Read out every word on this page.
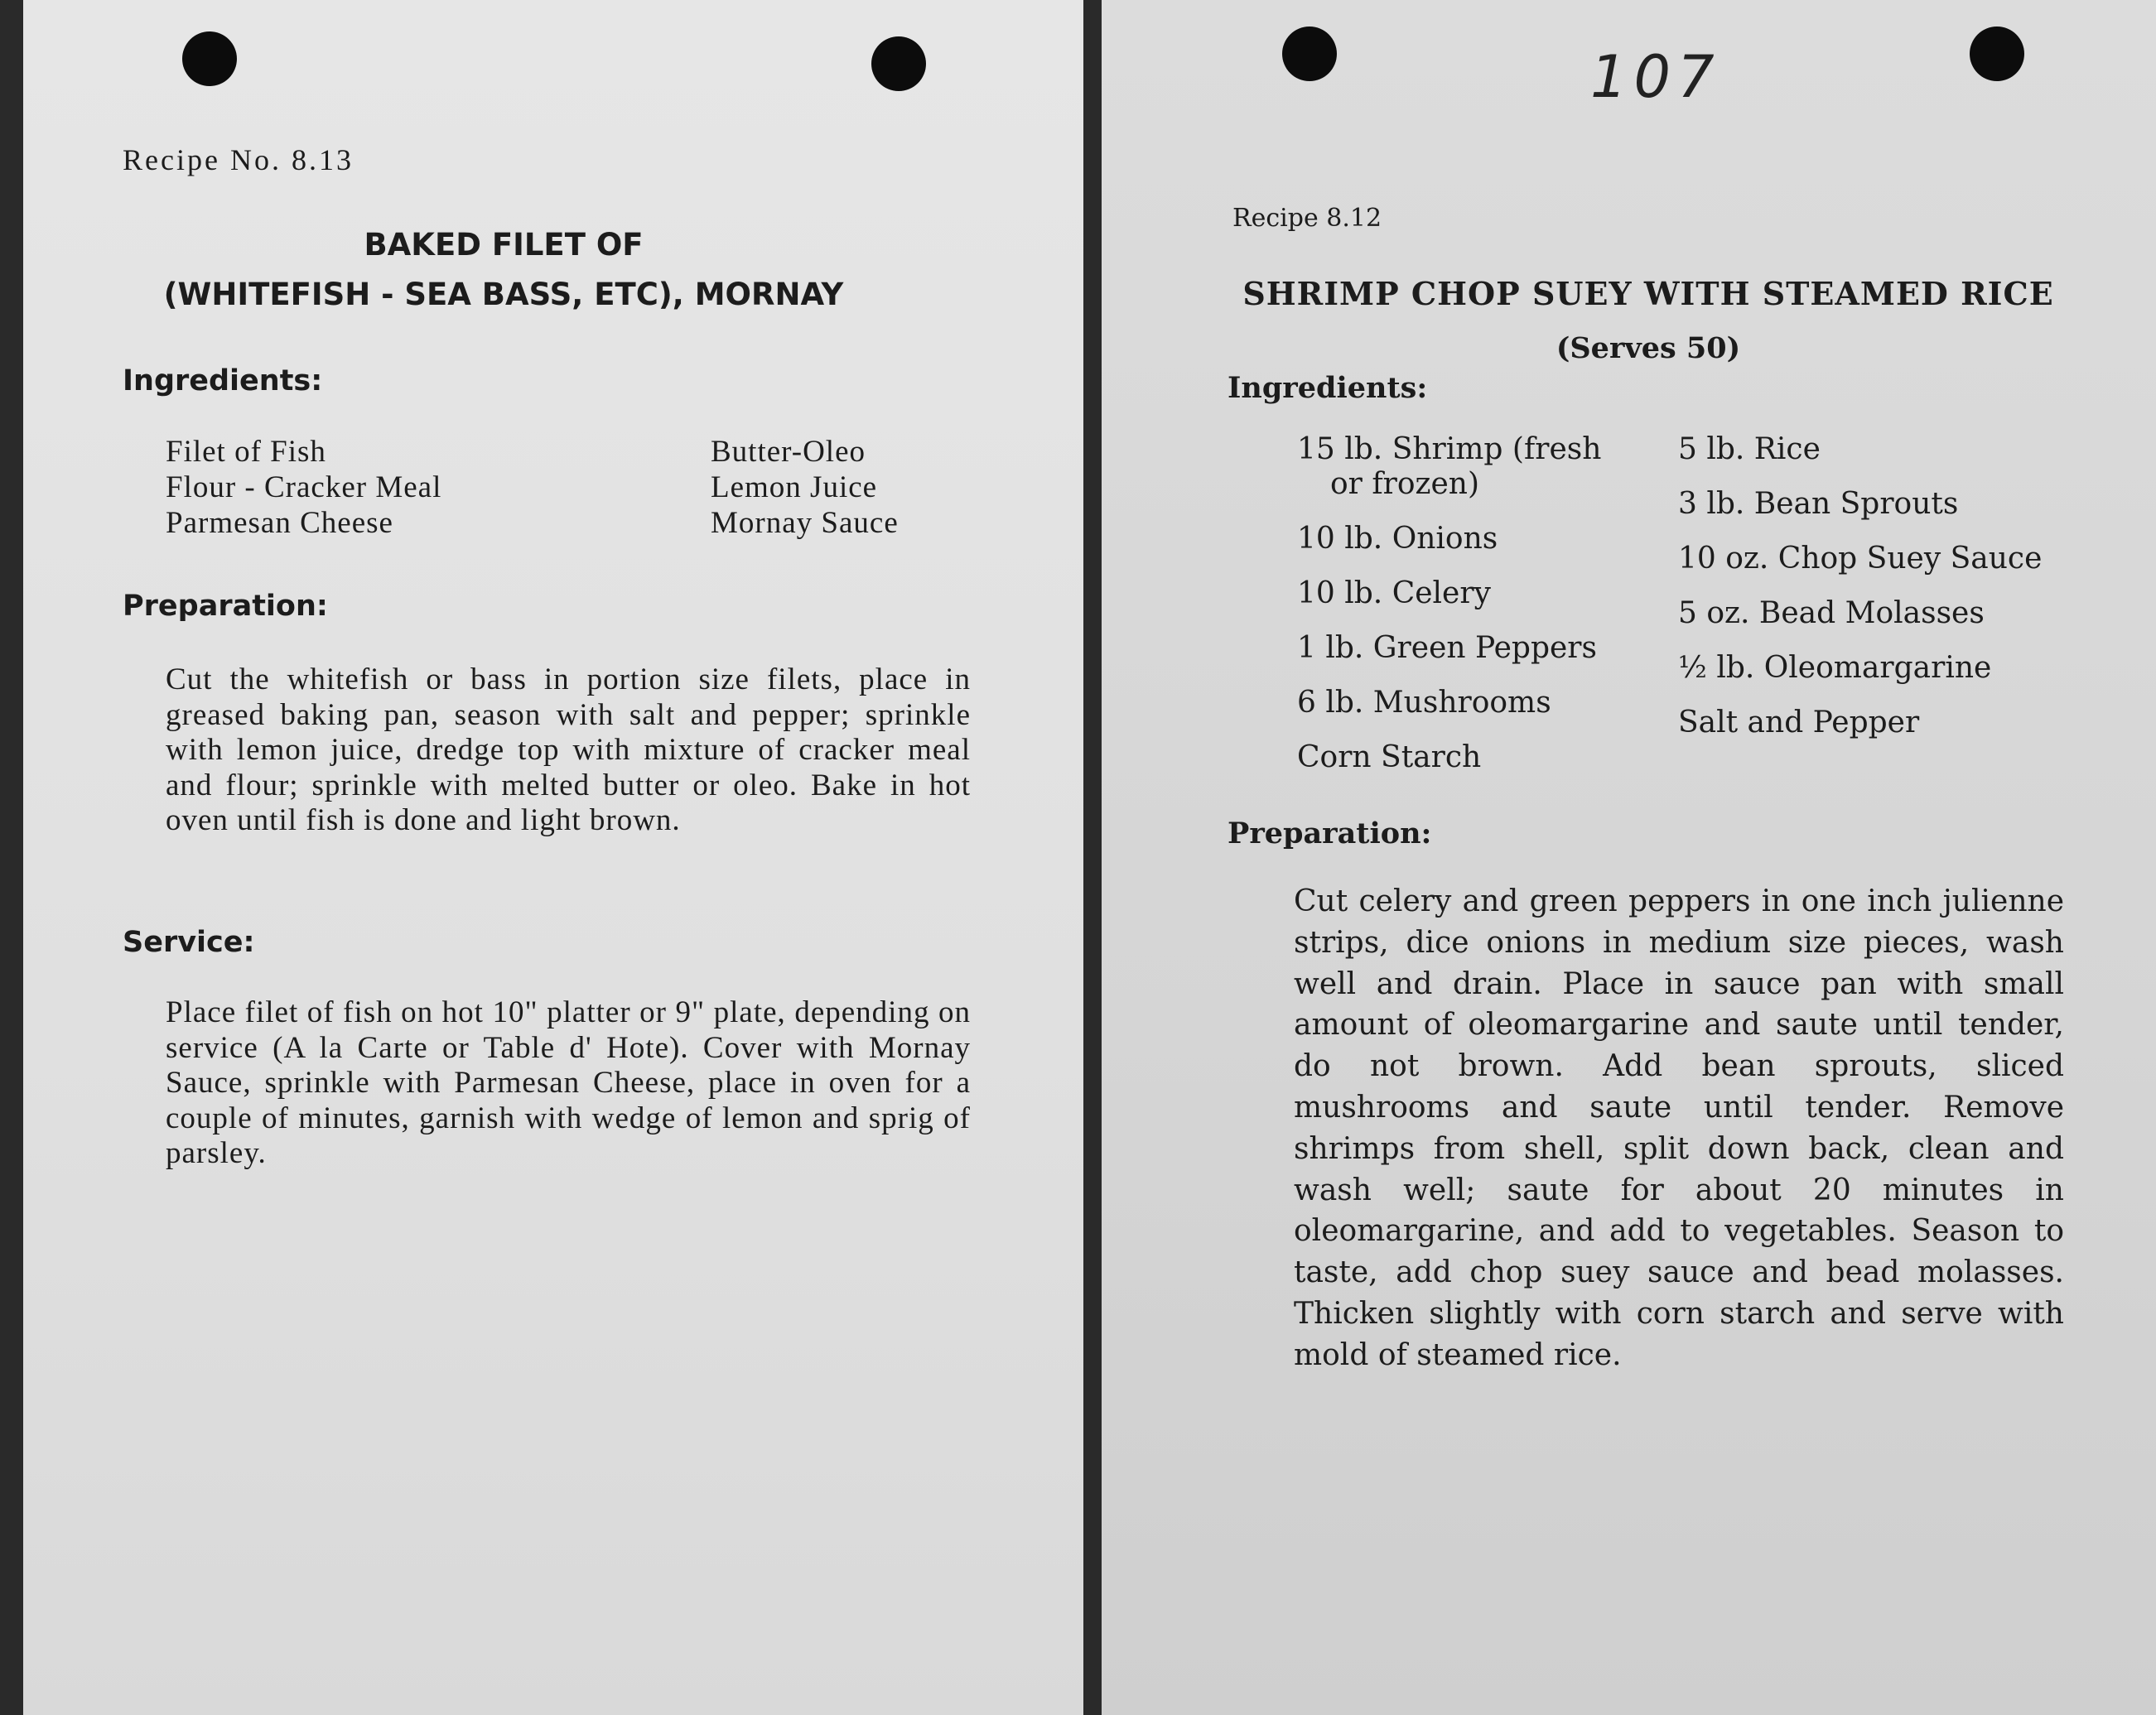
Recipe No. 8.13

BAKED FILET OF

(WHITEFISH - SEA BASS, ETC), MORNAY

Ingredients:

Filet of Fish
Flour - Cracker Meal
Parmesan Cheese
Butter-Oleo
Lemon Juice
Mornay Sauce

Preparation:

Cut the whitefish or bass in portion size filets, place in greased baking pan, season with salt and pepper; sprinkle with lemon juice, dredge top with mixture of cracker meal and flour; sprinkle with melted butter or oleo. Bake in hot oven until fish is done and light brown.

Service:

Place filet of fish on hot 10" platter or 9" plate, depending on service (A la Carte or Table d' Hote). Cover with Mornay Sauce, sprinkle with Parmesan Cheese, place in oven for a couple of minutes, garnish with wedge of lemon and sprig of parsley.

107

Recipe 8.12

SHRIMP CHOP SUEY WITH STEAMED RICE

(Serves 50)

Ingredients:

15 lb. Shrimp (fresh
or frozen)
10 lb. Onions
10 lb. Celery
1 lb. Green Peppers
6 lb. Mushrooms
Corn Starch
5 lb. Rice
3 lb. Bean Sprouts
10 oz. Chop Suey Sauce
5 oz. Bead Molasses
½ lb. Oleomargarine
Salt and Pepper

Preparation:

Cut celery and green peppers in one inch julienne strips, dice onions in medium size pieces, wash well and drain. Place in sauce pan with small amount of oleomargarine and saute until tender, do not brown. Add bean sprouts, sliced mushrooms and saute until tender. Remove shrimps from shell, split down back, clean and wash well; saute for about 20 minutes in oleomargarine, and add to vegetables. Season to taste, add chop suey sauce and bead molasses. Thicken slightly with corn starch and serve with mold of steamed rice.
